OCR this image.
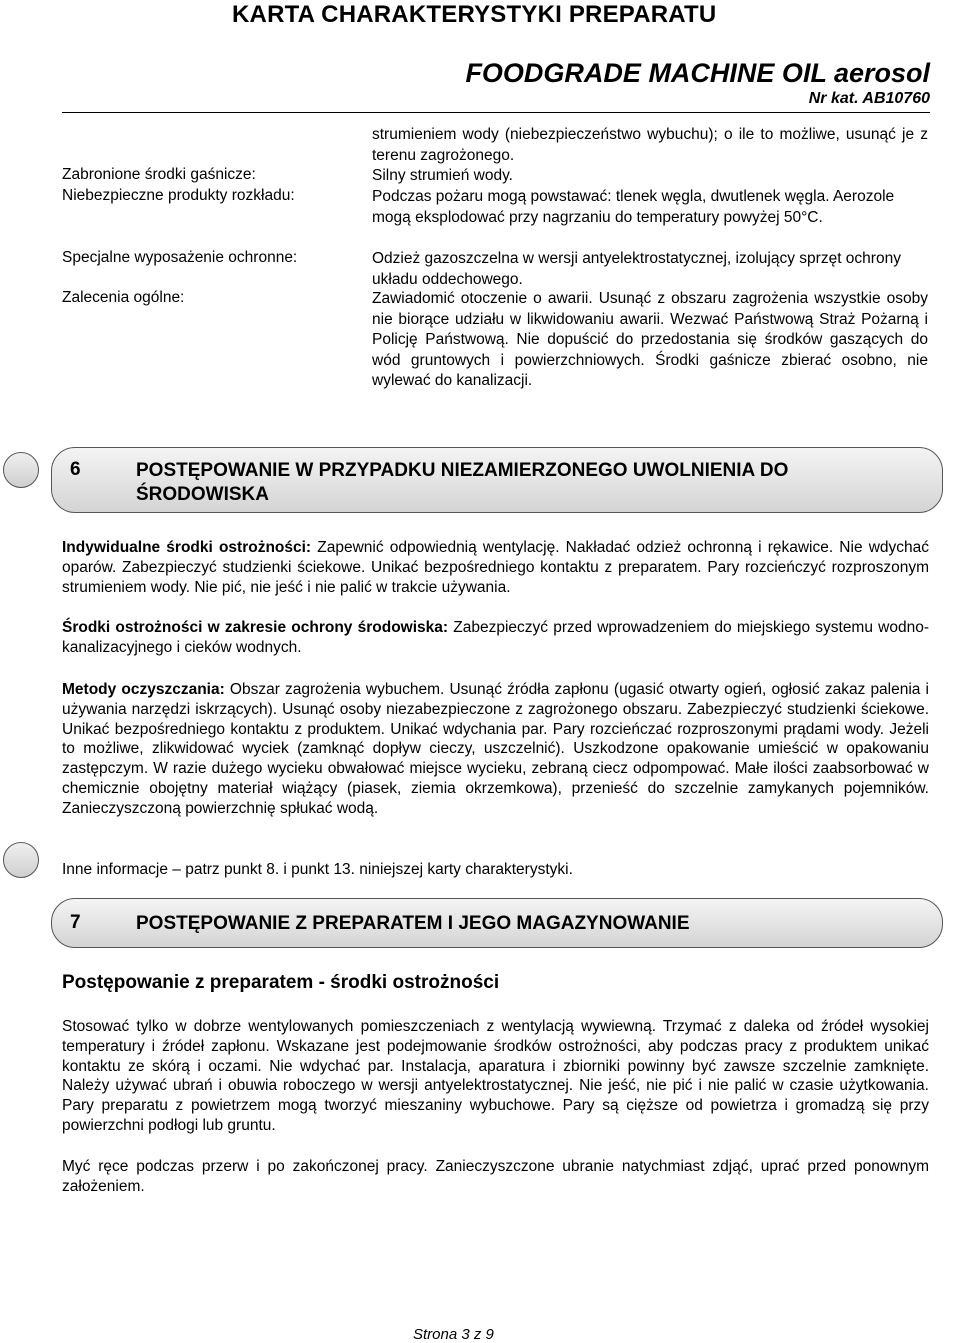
KARTA CHARAKTERYSTYKI PREPARATU
FOODGRADE MACHINE OIL aerosol
Nr kat. AB10760
strumieniem wody (niebezpieczeństwo wybuchu); o ile to możliwe, usunąć je z terenu zagrożonego.
Zabronione środki gaśnicze:	Silny strumień wody.
Niebezpieczne produkty rozkładu:	Podczas pożaru mogą powstawać: tlenek węgla, dwutlenek węgla. Aerozole mogą eksplodować przy nagrzaniu do temperatury powyżej 50°C.
Specjalne wyposażenie ochronne:	Odzież gazoszczelna w wersji antyelektrostatycznej, izolujący sprzęt ochrony układu oddechowego.
Zalecenia ogólne:	Zawiadomić otoczenie o awarii. Usunąć z obszaru zagrożenia wszystkie osoby nie biorące udziału w likwidowaniu awarii. Wezwać Państwową Straż Pożarną i Policję Państwową. Nie dopuścić do przedostania się środków gaszących do wód gruntowych i powierzchniowych. Środki gaśnicze zbierać osobno, nie wylewać do kanalizacji.
6	POSTĘPOWANIE W PRZYPADKU NIEZAMIERZONEGO UWOLNIENIA DO ŚRODOWISKA
Indywidualne środki ostrożności: Zapewnić odpowiednią wentylację. Nakładać odzież ochronną i rękawice. Nie wdychać oparów. Zabezpieczyć studzienki ściekowe. Unikać bezpośredniego kontaktu z preparatem. Pary rozcieńczyć rozproszonym strumieniem wody. Nie pić, nie jeść i nie palić w trakcie używania.
Środki ostrożności w zakresie ochrony środowiska: Zabezpieczyć przed wprowadzeniem do miejskiego systemu wodno-kanalizacyjnego i cieków wodnych.
Metody oczyszczania: Obszar zagrożenia wybuchem. Usunąć źródła zapłonu (ugasić otwarty ogień, ogłosić zakaz palenia i używania narzędzi iskrzących). Usunąć osoby niezabezpieczone z zagrożonego obszaru. Zabezpieczyć studzienki ściekowe. Unikać bezpośredniego kontaktu z produktem. Unikać wdychania par. Pary rozcieńczać rozproszonymi prądami wody. Jeżeli to możliwe, zlikwidować wyciek (zamknąć dopływ cieczy, uszczelnić). Uszkodzone opakowanie umieścić w opakowaniu zastępczym. W razie dużego wycieku obwałować miejsce wycieku, zebraną ciecz odpompować. Małe ilości zaabsorbować w chemicznie obojętny materiał wiążący (piasek, ziemia okrzemkowa), przenieść do szczelnie zamykanych pojemników. Zanieczyszczoną powierzchnię spłukać wodą.
Inne informacje – patrz punkt 8. i punkt 13. niniejszej karty charakterystyki.
7	POSTĘPOWANIE Z PREPARATEM I JEGO MAGAZYNOWANIE
Postępowanie z preparatem - środki ostrożności
Stosować tylko w dobrze wentylowanych pomieszczeniach z wentylacją wywiewną. Trzymać z daleka od źródeł wysokiej temperatury i źródeł zapłonu. Wskazane jest podejmowanie środków ostrożności, aby podczas pracy z produktem unikać kontaktu ze skórą i oczami. Nie wdychać par. Instalacja, aparatura i zbiorniki powinny być zawsze szczelnie zamknięte. Należy używać ubrań i obuwia roboczego w wersji antyelektrostatycznej. Nie jeść, nie pić i nie palić w czasie użytkowania. Pary preparatu z powietrzem mogą tworzyć mieszaniny wybuchowe. Pary są cięższe od powietrza i gromadzą się przy powierzchni podłogi lub gruntu.
Myć ręce podczas przerw i po zakończonej pracy. Zanieczyszczone ubranie natychmiast zdjąć, uprać przed ponownym założeniem.
Strona 3 z 9
